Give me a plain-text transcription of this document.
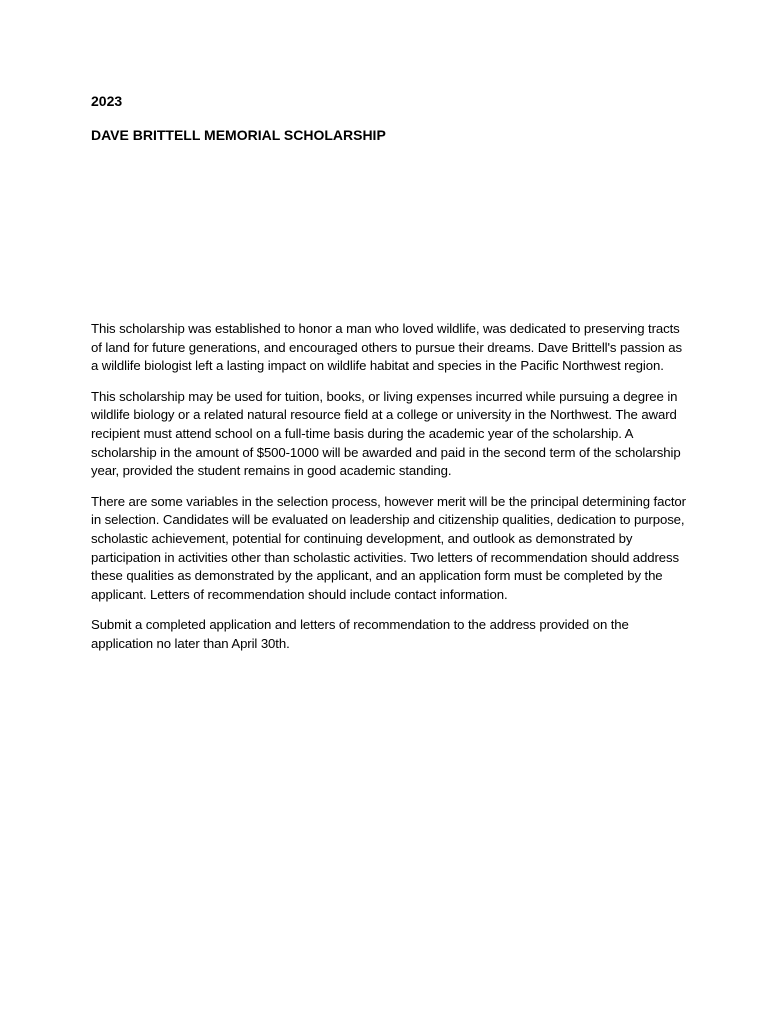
2023
DAVE BRITTELL MEMORIAL SCHOLARSHIP

This scholarship was established to honor a man who loved wildlife, was dedicated to preserving tracts of land for future generations, and encouraged others to pursue their dreams. Dave Brittell's passion as a wildlife biologist left a lasting impact on wildlife habitat and species in the Pacific Northwest region.

This scholarship may be used for tuition, books, or living expenses incurred while pursuing a degree in wildlife biology or a related natural resource field at a college or university in the Northwest. The award recipient must attend school on a full-time basis during the academic year of the scholarship. A scholarship in the amount of $500-1000 will be awarded and paid in the second term of the scholarship year, provided the student remains in good academic standing.

There are some variables in the selection process, however merit will be the principal determining factor in selection. Candidates will be evaluated on leadership and citizenship qualities, dedication to purpose, scholastic achievement, potential for continuing development, and outlook as demonstrated by participation in activities other than scholastic activities. Two letters of recommendation should address these qualities as demonstrated by the applicant, and an application form must be completed by the applicant. Letters of recommendation should include contact information.

Submit a completed application and letters of recommendation to the address provided on the application no later than April 30th.
